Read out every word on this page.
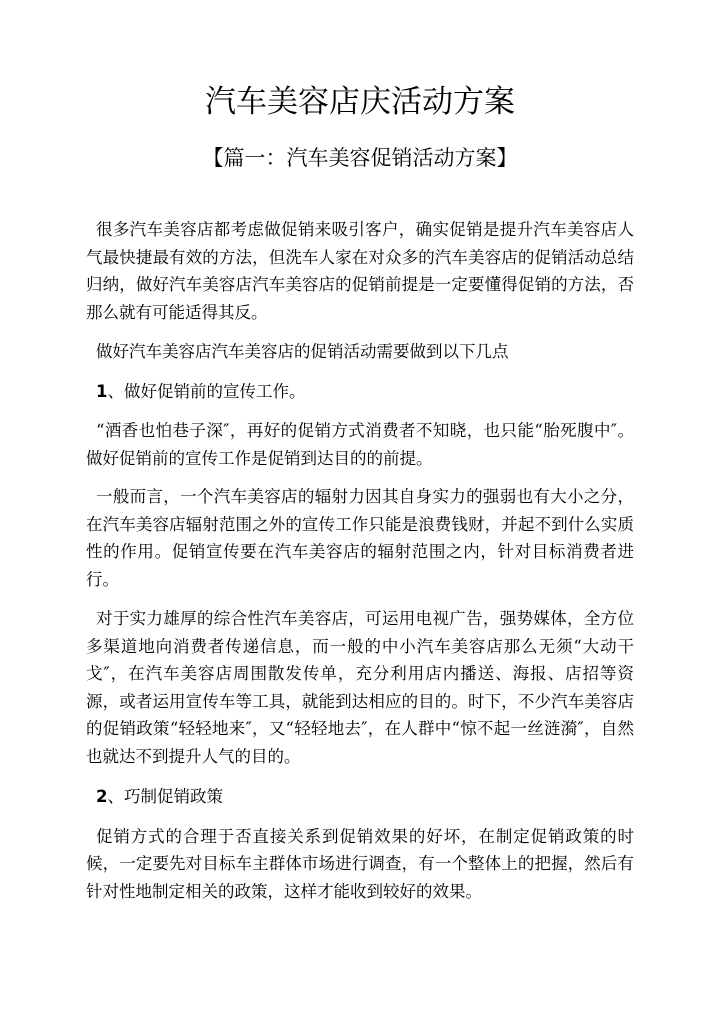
汽车美容店庆活动方案
【篇一：汽车美容促销活动方案】

很多汽车美容店都考虑做促销来吸引客户，确实促销是提升汽车美容店人气最快捷最有效的方法，但洗车人家在对众多的汽车美容店的促销活动总结归纳，做好汽车美容店汽车美容店的促销前提是一定要懂得促销的方法，否那么就有可能适得其反。

做好汽车美容店汽车美容店的促销活动需要做到以下几点

1、做好促销前的宣传工作。

“酒香也怕巷子深″，再好的促销方式消费者不知晓，也只能“胎死腹中″。做好促销前的宣传工作是促销到达目的的前提。

一般而言，一个汽车美容店的辐射力因其自身实力的强弱也有大小之分，在汽车美容店辐射范围之外的宣传工作只能是浪费钱财，并起不到什么实质性的作用。促销宣传要在汽车美容店的辐射范围之内，针对目标消费者进行。

对于实力雄厚的综合性汽车美容店，可运用电视广告，强势媒体，全方位多渠道地向消费者传递信息，而一般的中小汽车美容店那么无须“大动干戈″，在汽车美容店周围散发传单，充分利用店内播送、海报、店招等资源，或者运用宣传车等工具，就能到达相应的目的。时下，不少汽车美容店的促销政策“轻轻地来″，又“轻轻地去″，在人群中“惊不起一丝涟漪″，自然也就达不到提升人气的目的。

2、巧制促销政策

促销方式的合理于否直接关系到促销效果的好坏，在制定促销政策的时候，一定要先对目标车主群体市场进行调查，有一个整体上的把握，然后有针对性地制定相关的政策，这样才能收到较好的效果。
